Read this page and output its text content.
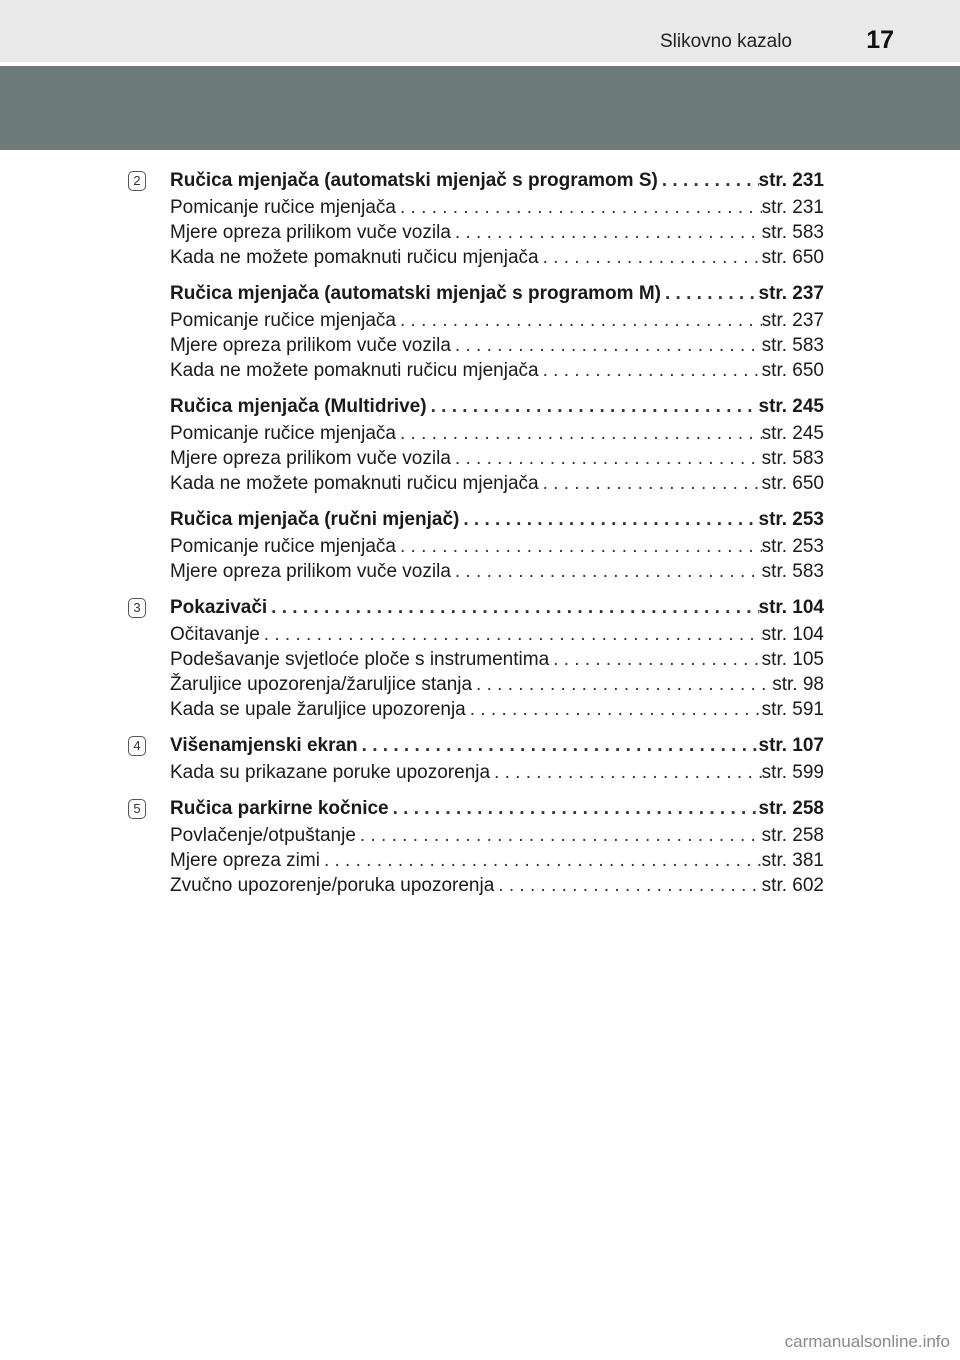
Slikovno kazalo	17
2 Ručica mjenjača (automatski mjenjač s programom S) . . .	str. 231
Pomicanje ručice mjenjača . . .	str. 231
Mjere opreza prilikom vuče vozila . . .	str. 583
Kada ne možete pomaknuti ručicu mjenjača . . .	str. 650
Ručica mjenjača (automatski mjenjač s programom M) . . .	str. 237
Pomicanje ručice mjenjača . . .	str. 237
Mjere opreza prilikom vuče vozila . . .	str. 583
Kada ne možete pomaknuti ručicu mjenjača . . .	str. 650
Ručica mjenjača (Multidrive) . . .	str. 245
Pomicanje ručice mjenjača . . .	str. 245
Mjere opreza prilikom vuče vozila . . .	str. 583
Kada ne možete pomaknuti ručicu mjenjača . . .	str. 650
Ručica mjenjača (ručni mjenjač) . . .	str. 253
Pomicanje ručice mjenjača . . .	str. 253
Mjere opreza prilikom vuče vozila . . .	str. 583
3 Pokazivači . . .	str. 104
Očitavanje . . .	str. 104
Podešavanje svjetloće ploče s instrumentima . . .	str. 105
Žaruljice upozorenja/žaruljice stanja . . .	str. 98
Kada se upale žaruljice upozorenja . . .	str. 591
4 Višenamjenski ekran . . .	str. 107
Kada su prikazane poruke upozorenja . . .	str. 599
5 Ručica parkirne kočnice . . .	str. 258
Povlačenje/otpuštanje . . .	str. 258
Mjere opreza zimi . . .	str. 381
Zvučno upozorenje/poruka upozorenja . . .	str. 602
carmanualsonline.info
